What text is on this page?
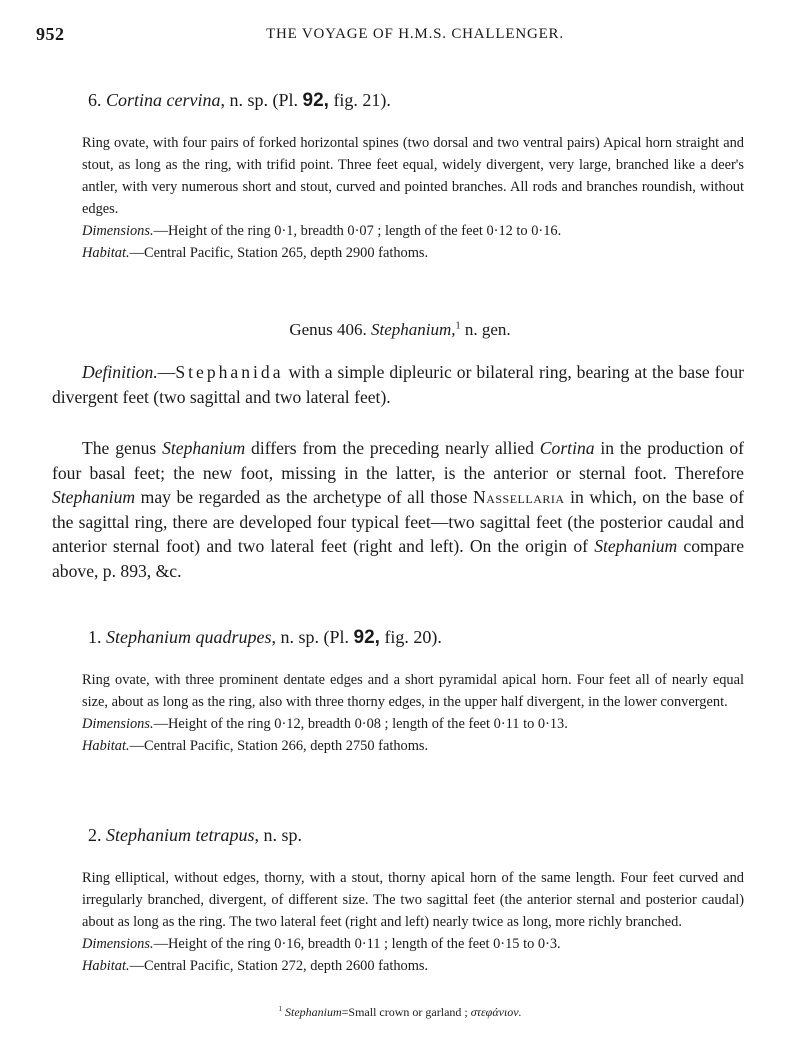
952	THE VOYAGE OF H.M.S. CHALLENGER.
6. Cortina cervina, n. sp. (Pl. 92, fig. 21).

Ring ovate, with four pairs of forked horizontal spines (two dorsal and two ventral pairs) Apical horn straight and stout, as long as the ring, with trifid point. Three feet equal, widely divergent, very large, branched like a deer's antler, with very numerous short and stout, curved and pointed branches. All rods and branches roundish, without edges.

Dimensions.—Height of the ring 0·1, breadth 0·07 ; length of the feet 0·12 to 0·16.

Habitat.—Central Pacific, Station 265, depth 2900 fathoms.

Genus 406. Stephanium,$^1$ n. gen.

Definition.—Stephanida with a simple dipleuric or bilateral ring, bearing at the base four divergent feet (two sagittal and two lateral feet).

The genus Stephanium differs from the preceding nearly allied Cortina in the production of four basal feet; the new foot, missing in the latter, is the anterior or sternal foot. Therefore Stephanium may be regarded as the archetype of all those Nassellaria in which, on the base of the sagittal ring, there are developed four typical feet—two sagittal feet (the posterior caudal and anterior sternal foot) and two lateral feet (right and left). On the origin of Stephanium compare above, p. 893, &c.

1. Stephanium quadrupes, n. sp. (Pl. 92, fig. 20).

Ring ovate, with three prominent dentate edges and a short pyramidal apical horn. Four feet all of nearly equal size, about as long as the ring, also with three thorny edges, in the upper half divergent, in the lower convergent.

Dimensions.—Height of the ring 0·12, breadth 0·08 ; length of the feet 0·11 to 0·13.

Habitat.—Central Pacific, Station 266, depth 2750 fathoms.

2. Stephanium tetrapus, n. sp.

Ring elliptical, without edges, thorny, with a stout, thorny apical horn of the same length. Four feet curved and irregularly branched, divergent, of different size. The two sagittal feet (the anterior sternal and posterior caudal) about as long as the ring. The two lateral feet (right and left) nearly twice as long, more richly branched.

Dimensions.—Height of the ring 0·16, breadth 0·11 ; length of the feet 0·15 to 0·3.

Habitat.—Central Pacific, Station 272, depth 2600 fathoms.

$^1$ Stephanium=Small crown or garland ; στεφάνιον.
